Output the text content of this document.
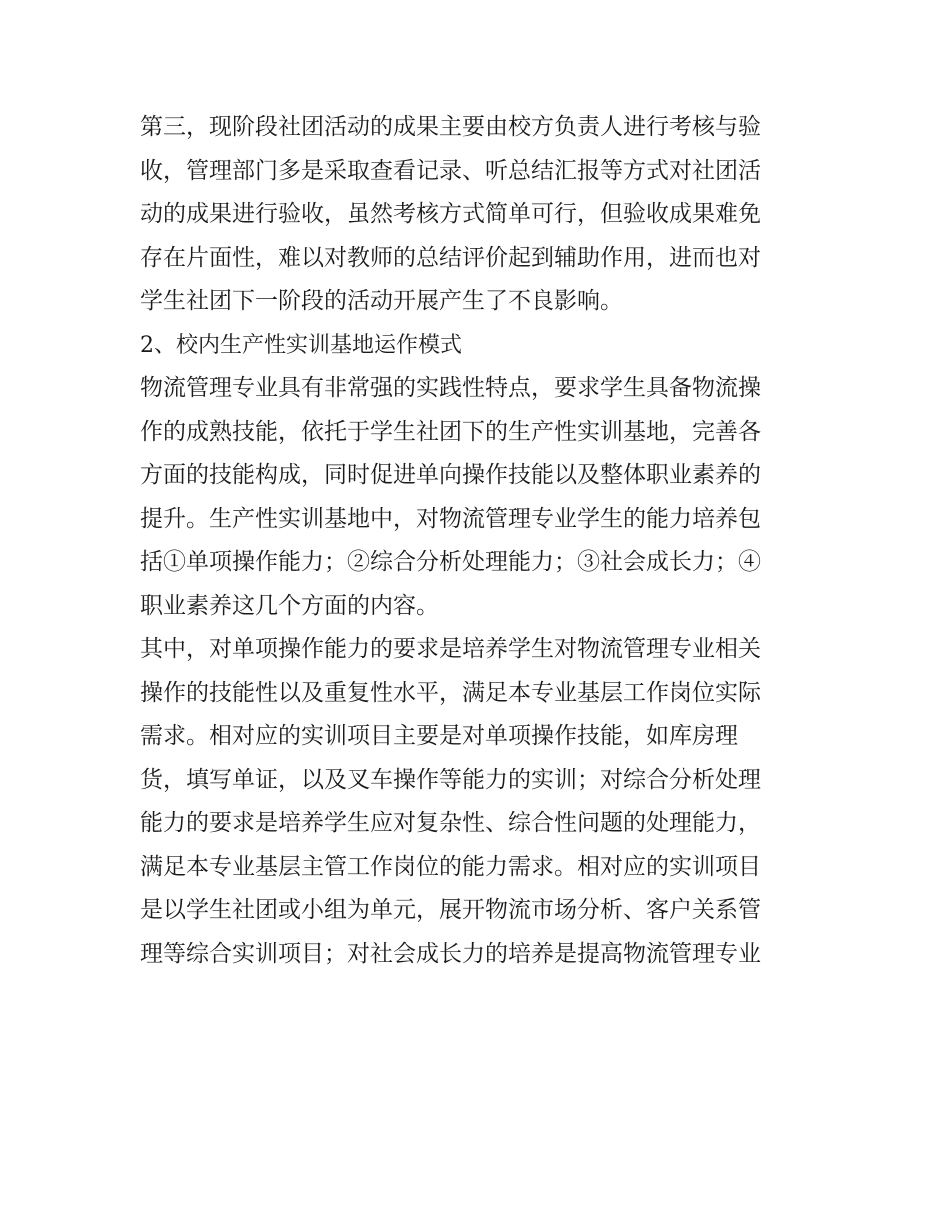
第三，现阶段社团活动的成果主要由校方负责人进行考核与验
收，管理部门多是采取查看记录、听总结汇报等方式对社团活
动的成果进行验收，虽然考核方式简单可行，但验收成果难免
存在片面性，难以对教师的总结评价起到辅助作用，进而也对
学生社团下一阶段的活动开展产生了不良影响。
2、校内生产性实训基地运作模式
物流管理专业具有非常强的实践性特点，要求学生具备物流操
作的成熟技能，依托于学生社团下的生产性实训基地，完善各
方面的技能构成，同时促进单向操作技能以及整体职业素养的
提升。生产性实训基地中，对物流管理专业学生的能力培养包
括①单项操作能力；②综合分析处理能力；③社会成长力；④
职业素养这几个方面的内容。
其中，对单项操作能力的要求是培养学生对物流管理专业相关
操作的技能性以及重复性水平，满足本专业基层工作岗位实际
需求。相对应的实训项目主要是对单项操作技能，如库房理
货，填写单证，以及叉车操作等能力的实训；对综合分析处理
能力的要求是培养学生应对复杂性、综合性问题的处理能力，
满足本专业基层主管工作岗位的能力需求。相对应的实训项目
是以学生社团或小组为单元，展开物流市场分析、客户关系管
理等综合实训项目；对社会成长力的培养是提高物流管理专业
